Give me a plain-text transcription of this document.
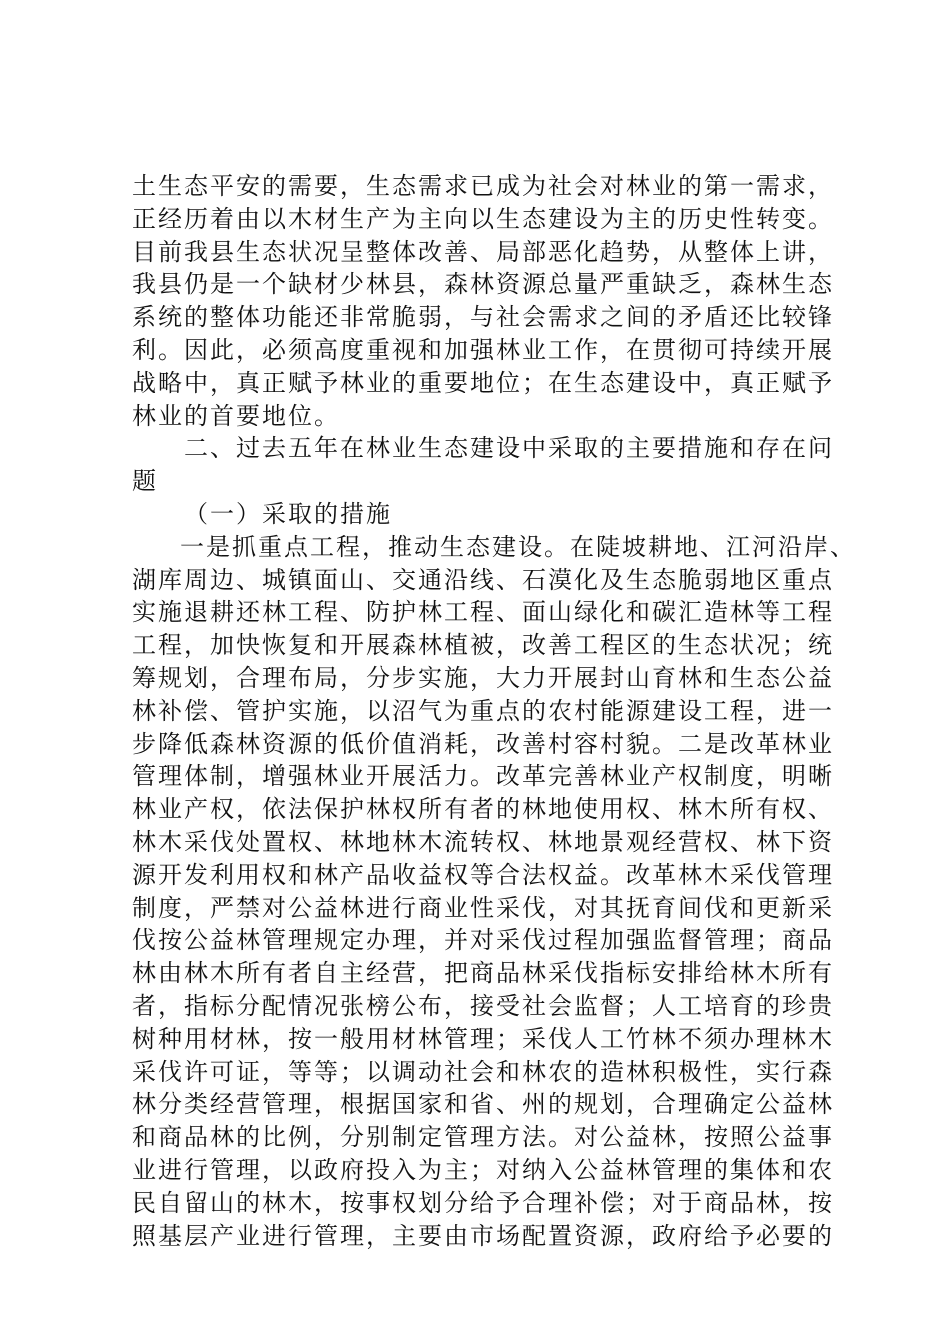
土生态平安的需要，生态需求已成为社会对林业的第一需求，
正经历着由以木材生产为主向以生态建设为主的历史性转变。
目前我县生态状况呈整体改善、局部恶化趋势，从整体上讲，
我县仍是一个缺材少林县，森林资源总量严重缺乏，森林生态
系统的整体功能还非常脆弱，与社会需求之间的矛盾还比较锋
利。因此，必须高度重视和加强林业工作，在贯彻可持续开展
战略中，真正赋予林业的重要地位；在生态建设中，真正赋予
林业的首要地位。
二、过去五年在林业生态建设中采取的主要措施和存在问
题
（一）采取的措施
一是抓重点工程，推动生态建设。在陡坡耕地、江河沿岸、
湖库周边、城镇面山、交通沿线、石漠化及生态脆弱地区重点
实施退耕还林工程、防护林工程、面山绿化和碳汇造林等工程
工程，加快恢复和开展森林植被，改善工程区的生态状况；统
筹规划，合理布局，分步实施，大力开展封山育林和生态公益
林补偿、管护实施，以沼气为重点的农村能源建设工程，进一
步降低森林资源的低价值消耗，改善村容村貌。二是改革林业
管理体制，增强林业开展活力。改革完善林业产权制度，明晰
林业产权，依法保护林权所有者的林地使用权、林木所有权、
林木采伐处置权、林地林木流转权、林地景观经营权、林下资
源开发利用权和林产品收益权等合法权益。改革林木采伐管理
制度，严禁对公益林进行商业性采伐，对其抚育间伐和更新采
伐按公益林管理规定办理，并对采伐过程加强监督管理；商品
林由林木所有者自主经营，把商品林采伐指标安排给林木所有
者，指标分配情况张榜公布，接受社会监督；人工培育的珍贵
树种用材林，按一般用材林管理；采伐人工竹林不须办理林木
采伐许可证，等等；以调动社会和林农的造林积极性，实行森
林分类经营管理，根据国家和省、州的规划，合理确定公益林
和商品林的比例，分别制定管理方法。对公益林，按照公益事
业进行管理，以政府投入为主；对纳入公益林管理的集体和农
民自留山的林木，按事权划分给予合理补偿；对于商品林，按
照基层产业进行管理，主要由市场配置资源，政府给予必要的
